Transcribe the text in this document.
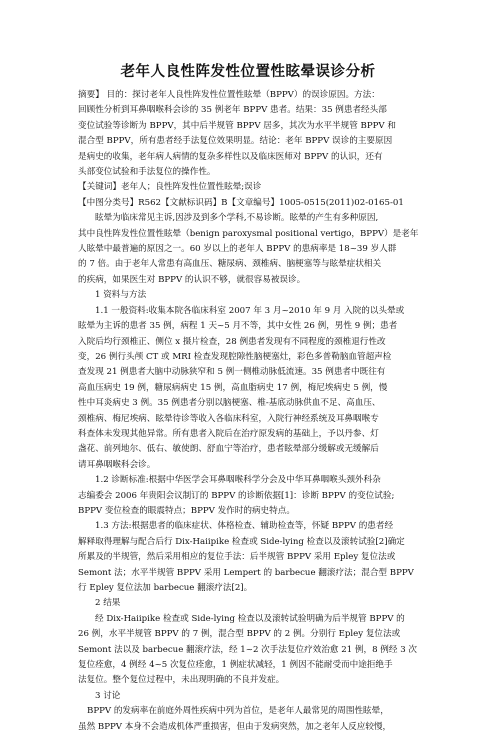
老年人良性阵发性位置性眩晕误诊分析

摘要】 目的：探讨老年人良性阵发性位置性眩晕（BPPV）的误诊原因。方法：

回顾性分析到耳鼻咽喉科会诊的 35 例老年 BPPV 患者。结果：35 例患者经头部

变位试验等诊断为 BPPV，其中后半规管 BPPV 居多，其次为水平半规管 BPPV 和

混合型 BPPV，所有患者经手法复位效果明显。结论：老年 BPPV 误诊的主要原因

是病史的收集，老年病人病情的复杂多样性以及临床医师对 BPPV 的认识，还有

头部变位试验和手法复位的操作性。

【关键词】老年人；良性阵发性位置性眩晕;误诊

【中图分类号】R562【文献标识码】B【文章编号】1005-0515(2011)02-0165-01

眩晕为临床常见主诉,因涉及到多个学科,不易诊断。眩晕的产生有多种原因,

其中良性阵发性位置性眩晕（benign paroxysmal positional vertigo，BPPV）是老年

人眩晕中最普遍的原因之一。60 岁以上的老年人 BPPV 的患病率是 18~39 岁人群

的 7 倍。由于老年人常患有高血压、糖尿病、颈椎病、脑梗塞等与眩晕症状相关

的疾病，如果医生对 BPPV 的认识不够，就很容易被误诊。

1 资料与方法

1.1 一般资料:收集本院各临床科室 2007 年 3 月~2010 年 9 月 入院的以头晕或

眩晕为主诉的患者 35 例，病程 1 天~5 月不等，其中女性 26 例，男性 9 例；患者

入院后均行颈椎正、侧位 x 摄片检查，28 例患者发现有不同程度的颈椎退行性改

变，26 例行头颅 CT 或 MRI 检查发现腔隙性脑梗塞灶，彩色多普勒脑血管超声检

查发现 21 例患者大脑中动脉狭窄和 5 例一侧椎动脉低流速。35 例患者中既往有

高血压病史 19 例，糖尿病病史 15 例，高血脂病史 17 例，梅尼埃病史 5 例，慢

性中耳炎病史 3 例。35 例患者分别以脑梗塞、椎-基底动脉供血不足、高血压、

颈椎病、梅尼埃病、眩晕待诊等收入各临床科室，入院行神经系统及耳鼻咽喉专

科查体未发现其他异常。所有患者入院后在治疗原发病的基础上，予以丹参、灯

盏花、前列地尔、低右、敏使朗、舒血宁等治疗，患者眩晕部分缓解或无缓解后

请耳鼻咽喉科会诊。

1.2 诊断标准:根据中华医学会耳鼻咽喉科学分会及中华耳鼻咽喉头颈外科杂

志编委会 2006 年贵阳会议制订的 BPPV 的诊断依据[1]：诊断 BPPV 的变位试验;

BPPV 变位检查的眼震特点；BPPV 发作时的病史特点。

1.3 方法:根据患者的临床症状、体格检查、辅助检查等，怀疑 BPPV 的患者经

解释取得理解与配合后行 Dix-Haiipike 检查或 Side-lying 检查以及滚转试验[2]确定

所累及的半规管，然后采用相应的复位手法：后半规管 BPPV 采用 Epley 复位法或

Semont 法；水平半规管 BPPV 采用 Lempert 的 barbecue 翻滚疗法；混合型 BPPV

行 Epley 复位法加 barbecue 翻滚疗法[2]。

2 结果

经 Dix-Haiipike 检查或 Side-lying 检查以及滚转试验明确为后半规管 BPPV 的

26 例，水平半规管 BPPV 的 7 例，混合型 BPPV 的 2 例。分别行 Epley 复位法或

Semont 法以及 barbecue 翻滚疗法，经 1~2 次手法复位疗效治愈 21 例，8 例经 3 次

复位痊愈，4 例经 4~5 次复位痊愈，1 例症状减轻，1 例因不能耐受而中途拒绝手

法复位。整个复位过程中，未出现明确的不良并发症。

3 讨论

BPPV 的发病率在前庭外周性疾病中列为首位，是老年人最常见的周围性眩晕，

虽然 BPPV 本身不会造成机体严重损害，但由于发病突然，加之老年人反应较慢，
